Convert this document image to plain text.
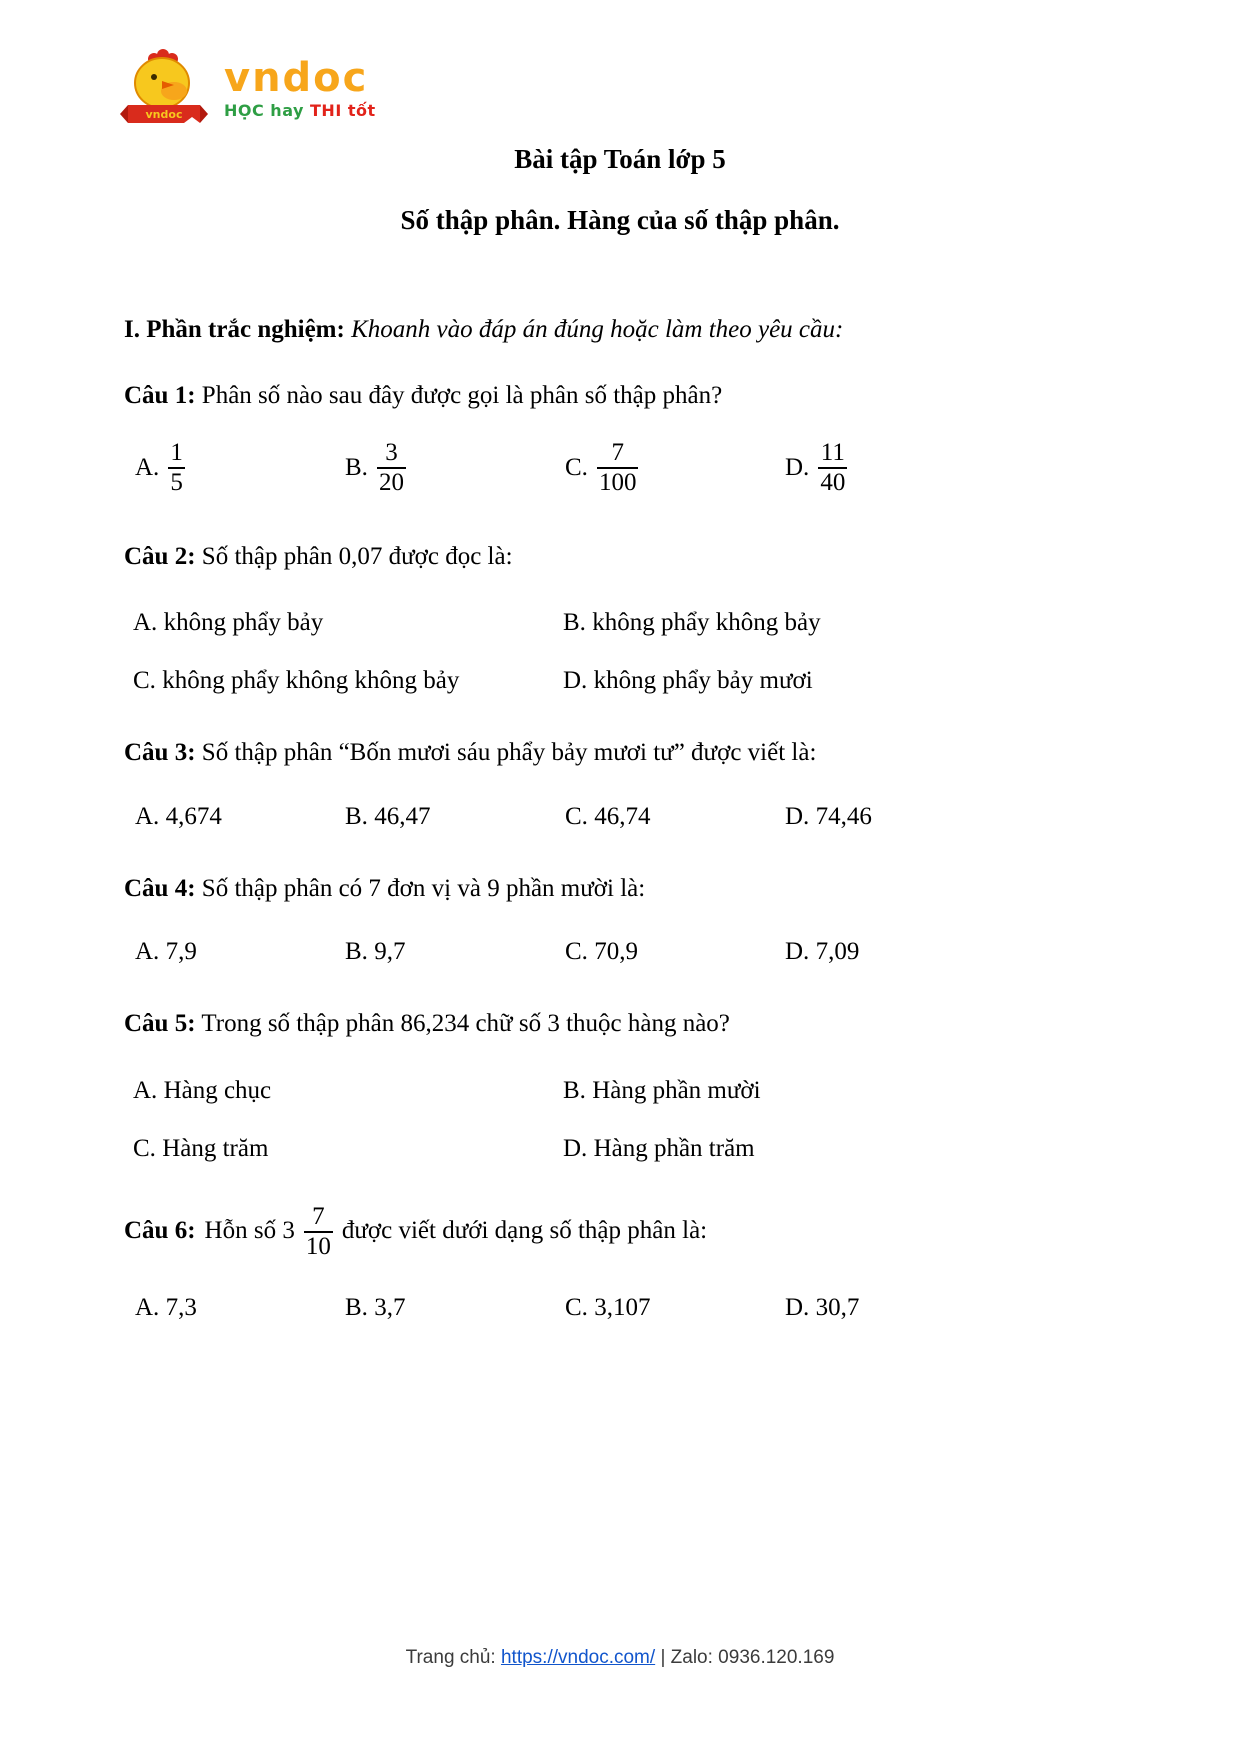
vndoc
vndoc
HỌC hay THI tốt
Bài tập Toán lớp 5
Số thập phân. Hàng của số thập phân.
I. Phần trắc nghiệm: Khoanh vào đáp án đúng hoặc làm theo yêu cầu:
Câu 1: Phân số nào sau đây được gọi là phân số thập phân?
A. $\frac{1}{5}$	B. $\frac{3}{20}$	C. $\frac{7}{100}$	D. $\frac{11}{40}$
Câu 2: Số thập phân 0,07 được đọc là:
A. không phẩy bảy	B. không phẩy không bảy
C. không phẩy không không bảy	D. không phẩy bảy mươi
Câu 3: Số thập phân “Bốn mươi sáu phẩy bảy mươi tư” được viết là:
A. 4,674	B. 46,47	C. 46,74	D. 74,46
Câu 4: Số thập phân có 7 đơn vị và 9 phần mười là:
A. 7,9	B. 9,7	C. 70,9	D. 7,09
Câu 5: Trong số thập phân 86,234 chữ số 3 thuộc hàng nào?
A. Hàng chục	B. Hàng phần mười
C. Hàng trăm	D. Hàng phần trăm
Câu 6: Hỗn số $3 \frac{7}{10}$ được viết dưới dạng số thập phân là:
A. 7,3	B. 3,7	C. 3,107	D. 30,7
Trang chủ: https://vndoc.com/ | Zalo: 0936.120.169
